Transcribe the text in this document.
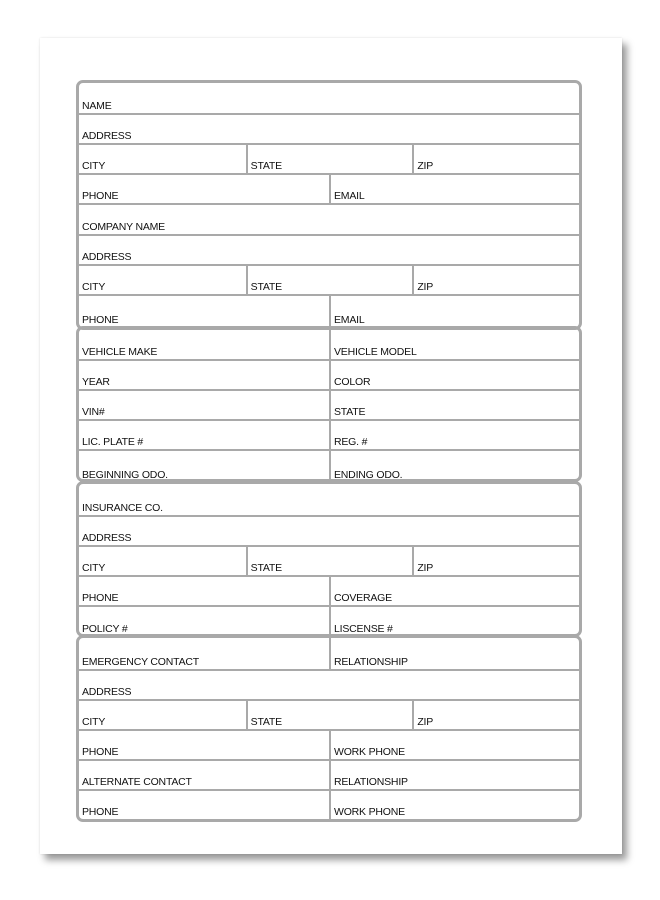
NAME
ADDRESS
CITY	STATE	ZIP
PHONE	EMAIL
COMPANY NAME
ADDRESS
CITY	STATE	ZIP
PHONE	EMAIL
VEHICLE MAKE	VEHICLE MODEL
YEAR	COLOR
VIN#	STATE
LIC. PLATE #	REG. #
BEGINNING ODO.	ENDING ODO.
INSURANCE CO.
ADDRESS
CITY	STATE	ZIP
PHONE	COVERAGE
POLICY #	LISCENSE #
EMERGENCY CONTACT	RELATIONSHIP
ADDRESS
CITY	STATE	ZIP
PHONE	WORK PHONE
ALTERNATE CONTACT	RELATIONSHIP
PHONE	WORK PHONE
